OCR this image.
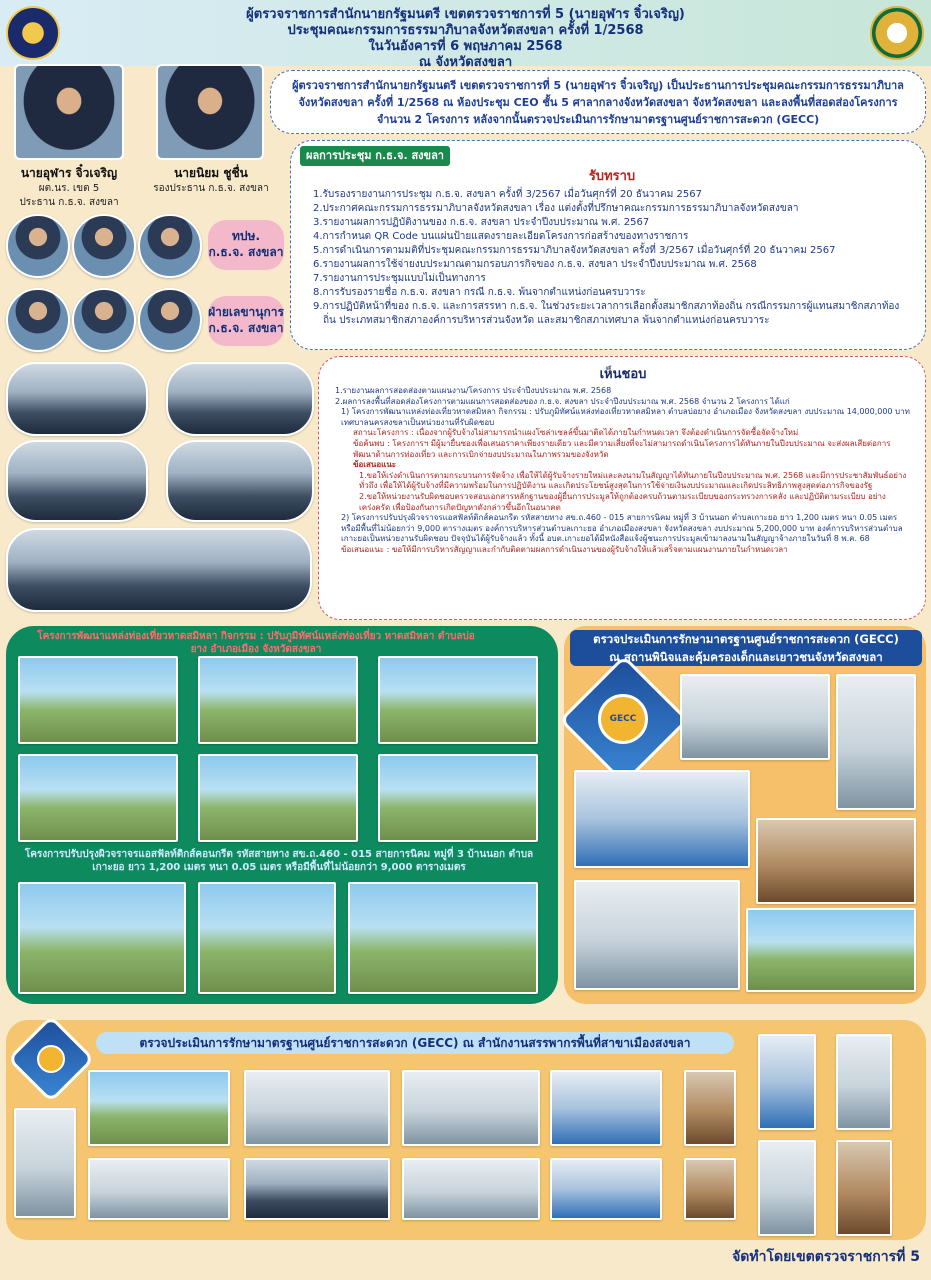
ผู้ตรวจราชการสำนักนายกรัฐมนตรี เขตตรวจราชการที่ 5 (นายอุฬาร จิ๋วเจริญ)
ประชุมคณะกรรมการธรรมาภิบาลจังหวัดสงขลา ครั้งที่ 1/2568
ในวันอังคารที่ 6 พฤษภาคม 2568
ณ จังหวัดสงขลา
นายอุฬาร จิ๋วเจริญ
ผต.นร. เขต 5
ประธาน ก.ธ.จ. สงขลา
นายนิยม ชูชื่น
รองประธาน ก.ธ.จ. สงขลา
ทปษ.
ก.ธ.จ. สงขลา
ฝ่ายเลขานุการ
ก.ธ.จ. สงขลา
ผู้ตรวจราชการสำนักนายกรัฐมนตรี เขตตรวจราชการที่ 5 (นายอุฬาร จิ๋วเจริญ) เป็นประธานการประชุมคณะกรรมการธรรมาภิบาลจังหวัดสงขลา ครั้งที่ 1/2568 ณ ห้องประชุม CEO ชั้น 5 ศาลากลางจังหวัดสงขลา จังหวัดสงขลา และลงพื้นที่สอดส่องโครงการ จำนวน 2 โครงการ หลังจากนั้นตรวจประเมินการรักษามาตรฐานศูนย์ราชการสะดวก (GECC)
รับทราบ
1.รับรองรายงานการประชุม ก.ธ.จ. สงขลา ครั้งที่ 3/2567 เมื่อวันศุกร์ที่ 20 ธันวาคม 2567
2.ประกาศคณะกรรมการธรรมาภิบาลจังหวัดสงขลา เรื่อง แต่งตั้งที่ปรึกษาคณะกรรมการธรรมาภิบาลจังหวัดสงขลา
3.รายงานผลการปฏิบัติงานของ ก.ธ.จ. สงขลา ประจำปีงบประมาณ พ.ศ. 2567
4.การกำหนด QR Code บนแผ่นป้ายแสดงรายละเอียดโครงการก่อสร้างของทางราชการ
5.การดำเนินการตามมติที่ประชุมคณะกรรมการธรรมาภิบาลจังหวัดสงขลา ครั้งที่ 3/2567 เมื่อวันศุกร์ที่ 20 ธันวาคม 2567
6.รายงานผลการใช้จ่ายงบประมาณตามกรอบภารกิจของ ก.ธ.จ. สงขลา ประจำปีงบประมาณ พ.ศ. 2568
7.รายงานการประชุมแบบไม่เป็นทางการ
8.การรับรองรายชื่อ ก.ธ.จ. สงขลา กรณี ก.ธ.จ. พ้นจากตำแหน่งก่อนครบวาระ
9.การปฏิบัติหน้าที่ของ ก.ธ.จ. และการสรรหา ก.ธ.จ. ในช่วงระยะเวลาการเลือกตั้งสมาชิกสภาท้องถิ่น กรณีกรรมการผู้แทนสมาชิกสภาท้องถิ่น ประเภทสมาชิกสภาองค์การบริหารส่วนจังหวัด และสมาชิกสภาเทศบาล พ้นจากตำแหน่งก่อนครบวาระ
ผลการประชุม ก.ธ.จ. สงขลา
เห็นชอบ
1.รายงานผลการสอดส่องตามแผนงาน/โครงการ ประจำปีงบประมาณ พ.ศ. 2568
2.ผลการลงพื้นที่สอดส่องโครงการตามแผนการสอดส่องของ ก.ธ.จ. สงขลา ประจำปีงบประมาณ พ.ศ. 2568 จำนวน 2 โครงการ ได้แก่
1) โครงการพัฒนาแหล่งท่องเที่ยวหาดสมิหลา กิจกรรม : ปรับภูมิทัศน์แหล่งท่องเที่ยวหาดสมิหลา ตำบลบ่อยาง อำเภอเมือง จังหวัดสงขลา งบประมาณ 14,000,000 บาท เทศบาลนครสงขลาเป็นหน่วยงานที่รับผิดชอบ
สถานะโครงการ : เนื่องจากผู้รับจ้างไม่สามารถนำแผงโซล่าเซลล์ขึ้นมาติดได้ภายในกำหนดเวลา จึงต้องดำเนินการจัดซื้อจัดจ้างใหม่
ข้อค้นพบ : โครงการฯ มีผู้มายื่นซองเพื่อเสนอราคาเพียงรายเดียว และมีความเสี่ยงที่จะไม่สามารถดำเนินโครงการได้ทันภายในปีงบประมาณ จะส่งผลเสียต่อการพัฒนาด้านการท่องเที่ยว และการเบิกจ่ายงบประมาณในภาพรวมของจังหวัด
ข้อเสนอแนะ
1.ขอให้เร่งดำเนินการตามกระบวนการจัดจ้าง เพื่อให้ได้ผู้รับจ้างรายใหม่และลงนามในสัญญาได้ทันภายในปีงบประมาณ พ.ศ. 2568 และมีการประชาสัมพันธ์อย่างทั่วถึง เพื่อให้ได้ผู้รับจ้างที่มีความพร้อมในการปฏิบัติงาน และเกิดประโยชน์สูงสุดในการใช้จ่ายเงินงบประมาณและเกิดประสิทธิภาพสูงสุดต่อภารกิจของรัฐ
2.ขอให้หน่วยงานรับผิดชอบตรวจสอบเอกสารหลักฐานของผู้ยื่นการประมูลให้ถูกต้องครบถ้วนตามระเบียบของกระทรวงการคลัง และปฏิบัติตามระเบียบ อย่างเคร่งครัด เพื่อป้องกันการเกิดปัญหาดังกล่าวขึ้นอีกในอนาคต
2) โครงการปรับปรุงผิวจราจรแอสฟัลท์ติกส์คอนกรีต รหัสสายทาง สข.ถ.460 - 015 สายการนิคม หมู่ที่ 3 บ้านนอก ตำบลเกาะยอ ยาว 1,200 เมตร หนา 0.05 เมตร หรือมีพื้นที่ไม่น้อยกว่า 9,000 ตารางเมตร องค์การบริหารส่วนตำบลเกาะยอ อำเภอเมืองสงขลา จังหวัดสงขลา งบประมาณ 5,200,000 บาท องค์การบริหารส่วนตำบลเกาะยอเป็นหน่วยงานรับผิดชอบ ปัจจุบันได้ผู้รับจ้างแล้ว ทั้งนี้ อบต.เกาะยอได้มีหนังสือแจ้งผู้ชนะการประมูลเข้ามาลงนามในสัญญาจ้างภายในวันที่ 8 พ.ค. 68
ข้อเสนอแนะ : ขอให้มีการบริหารสัญญาและกำกับติดตามผลการดำเนินงานของผู้รับจ้างให้แล้วเสร็จตามแผนงานภายในกำหนดเวลา
โครงการพัฒนาแหล่งท่องเที่ยวหาดสมิหลา กิจกรรม : ปรับภูมิทัศน์แหล่งท่องเที่ยว หาดสมิหลา ตำบลบ่อยาง อำเภอเมือง จังหวัดสงขลา
โครงการปรับปรุงผิวจราจรแอสฟัลท์ติกส์คอนกรีต รหัสสายทาง สข.ถ.460 - 015 สายการนิคม หมู่ที่ 3 บ้านนอก ตำบลเกาะยอ ยาว 1,200 เมตร หนา 0.05 เมตร หรือมีพื้นที่ไม่น้อยกว่า 9,000 ตารางเมตร
ตรวจประเมินการรักษามาตรฐานศูนย์ราชการสะดวก (GECC)
ณ สถานพินิจและคุ้มครองเด็กและเยาวชนจังหวัดสงขลา
GECC
ตรวจประเมินการรักษามาตรฐานศูนย์ราชการสะดวก (GECC) ณ สำนักงานสรรพากรพื้นที่สาขาเมืองสงขลา
จัดทำโดยเขตตรวจราชการที่ 5
